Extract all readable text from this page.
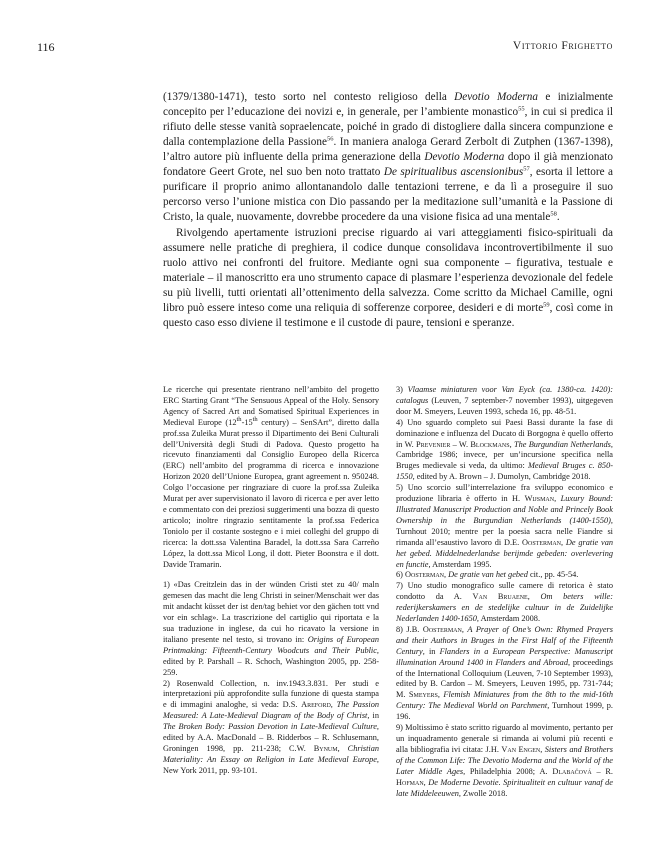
116	Vittorio Frighetto

(1379/1380-1471), testo sorto nel contesto religioso della Devotio Moderna e inizialmente concepito per l’educazione dei novizi e, in generale, per l’ambiente monastico$^{55}$, in cui si predica il rifiuto delle stesse vanità sopraelencate, poiché in grado di distogliere dalla sincera compunzione e dalla contemplazione della Passione$^{56}$. In maniera analoga Gerard Zerbolt di Zutphen (1367-1398), l’altro autore più influente della prima generazione della Devotio Moderna dopo il già menzionato fondatore Geert Grote, nel suo ben noto trattato De spiritualibus ascensionibus$^{57}$, esorta il lettore a purificare il proprio animo allontanandolo dalle tentazioni terrene, e da lì a proseguire il suo percorso verso l’unione mistica con Dio passando per la meditazione sull’umanità e la Passione di Cristo, la quale, nuovamente, dovrebbe procedere da una visione fisica ad una mentale$^{58}$.

Rivolgendo apertamente istruzioni precise riguardo ai vari atteggiamenti fisico-spirituali da assumere nelle pratiche di preghiera, il codice dunque consolidava incontrovertibilmente il suo ruolo attivo nei confronti del fruitore. Mediante ogni sua componente – figurativa, testuale e materiale – il manoscritto era uno strumento capace di plasmare l’esperienza devozionale del fedele su più livelli, tutti orientati all’ottenimento della salvezza. Come scritto da Michael Camille, ogni libro può essere inteso come una reliquia di sofferenze corporee, desideri e di morte$^{59}$, così come in questo caso esso diviene il testimone e il custode di paure, tensioni e speranze.

Le ricerche qui presentate rientrano nell’ambito del progetto ERC Starting Grant “The Sensuous Appeal of the Holy. Sensory Agency of Sacred Art and Somatised Spiritual Experiences in Medieval Europe (12th-15th century) – SenSArt”, diretto dalla prof.ssa Zuleika Murat presso il Dipartimento dei Beni Culturali dell’Università degli Studi di Padova. Questo progetto ha ricevuto finanziamenti dal Consiglio Europeo della Ricerca (ERC) nell’ambito del programma di ricerca e innovazione Horizon 2020 dell’Unione Europea, grant agreement n. 950248. Colgo l’occasione per ringraziare di cuore la prof.ssa Zuleika Murat per aver supervisionato il lavoro di ricerca e per aver letto e commentato con dei preziosi suggerimenti una bozza di questo articolo; inoltre ringrazio sentitamente la prof.ssa Federica Toniolo per il costante sostegno e i miei colleghi del gruppo di ricerca: la dott.ssa Valentina Baradel, la dott.ssa Sara Carreño López, la dott.ssa Micol Long, il dott. Pieter Boonstra e il dott. Davide Tramarin.

1) «Das Creitzlein das in der wünden Cristi stet zu 40/ maln gemesen das macht die leng Christi in seiner/Menschait wer das mit andacht küsset der ist den/tag behiet vor den gächen tott vnd vor ein schlag». La trascrizione del cartiglio qui riportata e la sua traduzione in inglese, da cui ho ricavato la versione in italiano presente nel testo, si trovano in: Origins of European Printmaking: Fifteenth-Century Woodcuts and Their Public, edited by P. Parshall – R. Schoch, Washington 2005, pp. 258-259.

2) Rosenwald Collection, n. inv.1943.3.831. Per studi e interpretazioni più approfondite sulla funzione di questa stampa e di immagini analoghe, si veda: D.S. Areford, The Passion Measured: A Late-Medieval Diagram of the Body of Christ, in The Broken Body: Passion Devotion in Late-Medieval Culture, edited by A.A. MacDonald – B. Ridderbos – R. Schlusemann, Groningen 1998, pp. 211-238; C.W. Bynum, Christian Materiality: An Essay on Religion in Late Medieval Europe, New York 2011, pp. 93-101.

3) Vlaamse miniaturen voor Van Eyck (ca. 1380-ca. 1420): catalogus (Leuven, 7 september-7 november 1993), uitgegeven door M. Smeyers, Leuven 1993, scheda 16, pp. 48-51.

4) Uno sguardo completo sui Paesi Bassi durante la fase di dominazione e influenza del Ducato di Borgogna è quello offerto in W. Prevenier – W. Blockmans, The Burgundian Netherlands, Cambridge 1986; invece, per un’incursione specifica nella Bruges medievale si veda, da ultimo: Medieval Bruges c. 850-1550, edited by A. Brown – J. Dumolyn, Cambridge 2018.

5) Uno scorcio sull’interrelazione fra sviluppo economico e produzione libraria è offerto in H. Wijsman, Luxury Bound: Illustrated Manuscript Production and Noble and Princely Book Ownership in the Burgundian Netherlands (1400-1550), Turnhout 2010; mentre per la poesia sacra nelle Fiandre si rimanda all’esaustivo lavoro di D.E. Oosterman, De gratie van het gebed. Middelnederlandse berijmde gebeden: overlevering en functie, Amsterdam 1995.

6) Oosterman, De gratie van het gebed cit., pp. 45-54.

7) Uno studio monografico sulle camere di retorica è stato condotto da A. Van Bruaene, Om beters wille: rederijkerskamers en de stedelijke cultuur in de Zuidelijke Nederlanden 1400-1650, Amsterdam 2008.

8) J.B. Oosterman, A Prayer of One’s Own: Rhymed Prayers and their Authors in Bruges in the First Half of the Fifteenth Century, in Flanders in a European Perspective: Manuscript illumination Around 1400 in Flanders and Abroad, proceedings of the International Colloquium (Leuven, 7-10 September 1993), edited by B. Cardon – M. Smeyers, Leuven 1995, pp. 731-744; M. Smeyers, Flemish Miniatures from the 8th to the mid-16th Century: The Medieval World on Parchment, Turnhout 1999, p. 196.

9) Moltissimo è stato scritto riguardo al movimento, pertanto per un inquadramento generale si rimanda ai volumi più recenti e alla bibliografia ivi citata: J.H. Van Engen, Sisters and Brothers of the Common Life: The Devotio Moderna and the World of the Later Middle Ages, Philadelphia 2008; A. Dlabačová – R. Hofman, De Moderne Devotie. Spiritualiteit en cultuur vanaf de late Middeleeuwen, Zwolle 2018.
